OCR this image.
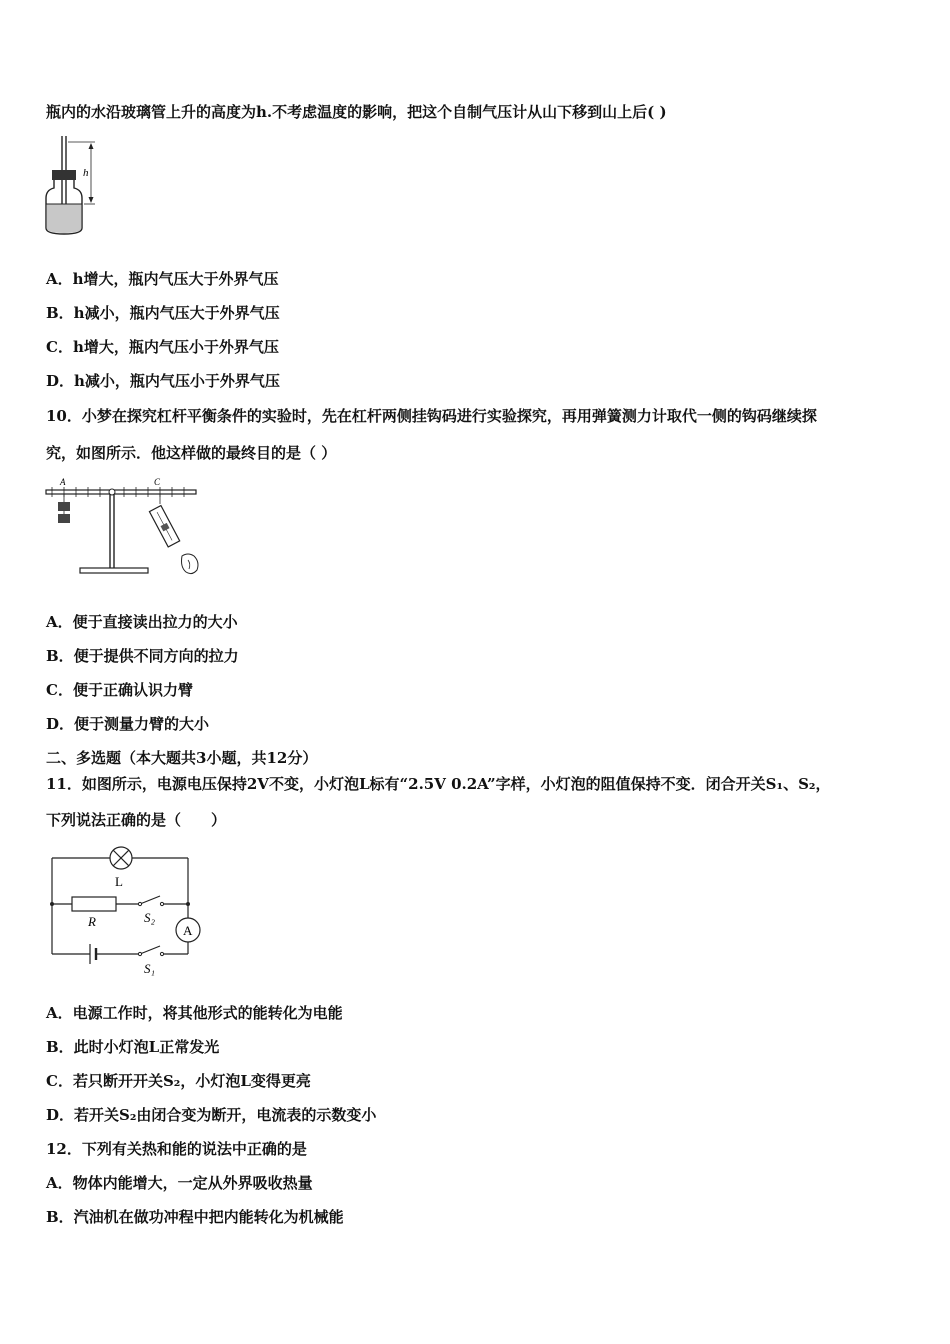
瓶内的水沿玻璃管上升的高度为h.不考虑温度的影响，把这个自制气压计从山下移到山上后( )
h
A．h增大，瓶内气压大于外界气压
B．h减小，瓶内气压大于外界气压
C．h增大，瓶内气压小于外界气压
D．h减小，瓶内气压小于外界气压
10．小梦在探究杠杆平衡条件的实验时，先在杠杆两侧挂钩码进行实验探究，再用弹簧测力计取代一侧的钩码继续探
究，如图所示．他这样做的最终目的是（ ）
A	C
A．便于直接读出拉力的大小
B．便于提供不同方向的拉力
C．便于正确认识力臂
D．便于测量力臂的大小
二、多选题（本大题共3小题，共12分）
11．如图所示，电源电压保持2V不变，小灯泡L标有“2.5V 0.2A”字样，小灯泡的阻值保持不变．闭合开关S₁、S₂，
下列说法正确的是（　　）
L
R	S₂
A
S₁
A．电源工作时，将其他形式的能转化为电能
B．此时小灯泡L正常发光
C．若只断开开关S₂，小灯泡L变得更亮
D．若开关S₂由闭合变为断开，电流表的示数变小
12．下列有关热和能的说法中正确的是
A．物体内能增大，一定从外界吸收热量
B．汽油机在做功冲程中把内能转化为机械能
